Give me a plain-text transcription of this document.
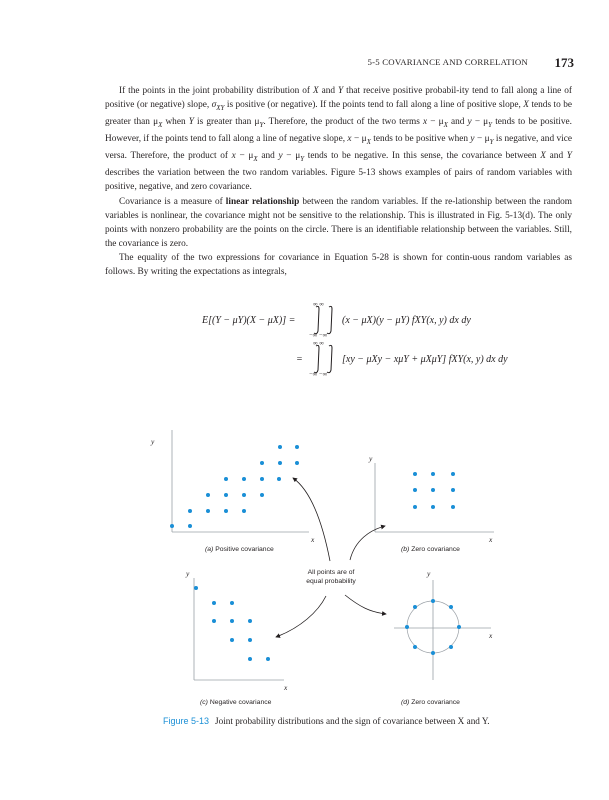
5-5 COVARIANCE AND CORRELATION 173

If the points in the joint probability distribution of X and Y that receive positive probabil-ity tend to fall along a line of positive (or negative) slope, $\sigma_{XY}$ is positive (or negative). If the points tend to fall along a line of positive slope, X tends to be greater than $\mu_X$ when Y is greater than $\mu_Y$. Therefore, the product of the two terms $x - \mu_X$ and $y - \mu_Y$ tends to be positive. However, if the points tend to fall along a line of negative slope, $x - \mu_X$ tends to be positive when $y - \mu_Y$ is negative, and vice versa. Therefore, the product of $x - \mu_X$ and $y - \mu_Y$ tends to be negative. In this sense, the covariance between X and Y describes the variation between the two random variables. Figure 5-13 shows examples of pairs of random variables with positive, negative, and zero covariance.

Covariance is a measure of linear relationship between the random variables. If the re-lationship between the random variables is nonlinear, the covariance might not be sensitive to the relationship. This is illustrated in Fig. 5-13(d). The only points with nonzero probability are the points on the circle. There is an identifiable relationship between the variables. Still, the covariance is zero.

The equality of the two expressions for covariance in Equation 5-28 is shown for contin-uous random variables as follows. By writing the expectations as integrals,

E[(Y − μY)(X − μX)] =
∞ ∞
−∞ −∞
(x − μX)(y − μY) fXY(x, y) dx dy
=
∞ ∞
−∞ −∞
[xy − μXy − xμY + μXμY] fXY(x, y) dx dy
y
x
y
x
y
x
y
x
(a) Positive covariance	(b) Zero covariance
(c) Negative covariance	(d) Zero covariance
All points are of
equal probability
Figure 5-13 Joint probability distributions and the sign of covariance between X and Y.
